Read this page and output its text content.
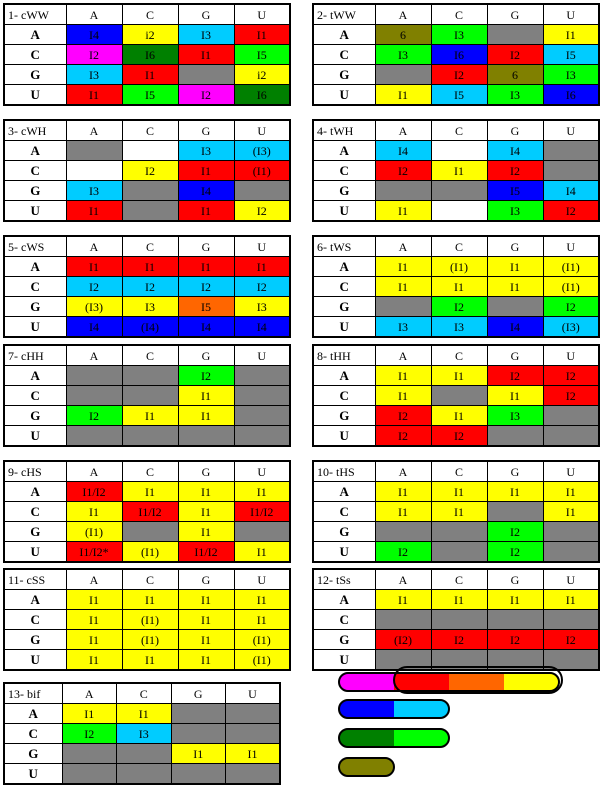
1- cWW	A	C	G	U
A	I4	i2	I3	I1
C	I2	I6	I1	I5
G	I3	I1		i2
U	I1	I5	I2	I6
2- tWW	A	C	G	U
A	6	I3		I1
C	I3	I6	I2	I5
G		I2	6	I3
U	I1	I5	I3	I6
3- cWH	A	C	G	U
A			I3	(I3)
C		I2	I1	(I1)
G	I3		I4	
U	I1		I1	I2
4- tWH	A	C	G	U
A	I4		I4	
C	I2	I1	I2	
G			I5	I4
U	I1		I3	I2
5- cWS	A	C	G	U
A	I1	I1	I1	I1
C	I2	I2	I2	I2
G	(I3)	I3	I5	I3
U	I4	(I4)	I4	I4
6- tWS	A	C	G	U
A	I1	(I1)	I1	(I1)
C	I1	I1	I1	(I1)
G		I2		I2
U	I3	I3	I4	(I3)
7- cHH	A	C	G	U
A			I2	
C			I1	
G	I2	I1	I1	
U				
8- tHH	A	C	G	U
A	I1	I1	I2	I2
C	I1		I1	I2
G	I2	I1	I3	
U	I2	I2		
9- cHS	A	C	G	U
A	I1/I2	I1	I1	I1
C	I1	I1/I2	I1	I1/I2
G	(I1)		I1	
U	I1/I2*	(I1)	I1/I2	I1
10- tHS	A	C	G	U
A	I1	I1	I1	I1
C	I1	I1		I1
G			I2	
U	I2		I2	
11- cSS	A	C	G	U
A	I1	I1	I1	I1
C	I1	(I1)	I1	I1
G	I1	(I1)	I1	(I1)
U	I1	I1	I1	(I1)
12- tSs	A	C	G	U
A	I1	I1	I1	I1
C				
G	(I2)	I2	I2	I2
U				
13- bif	A	C	G	U
A	I1	I1		
C	I2	I3		
G			I1	I1
U				
